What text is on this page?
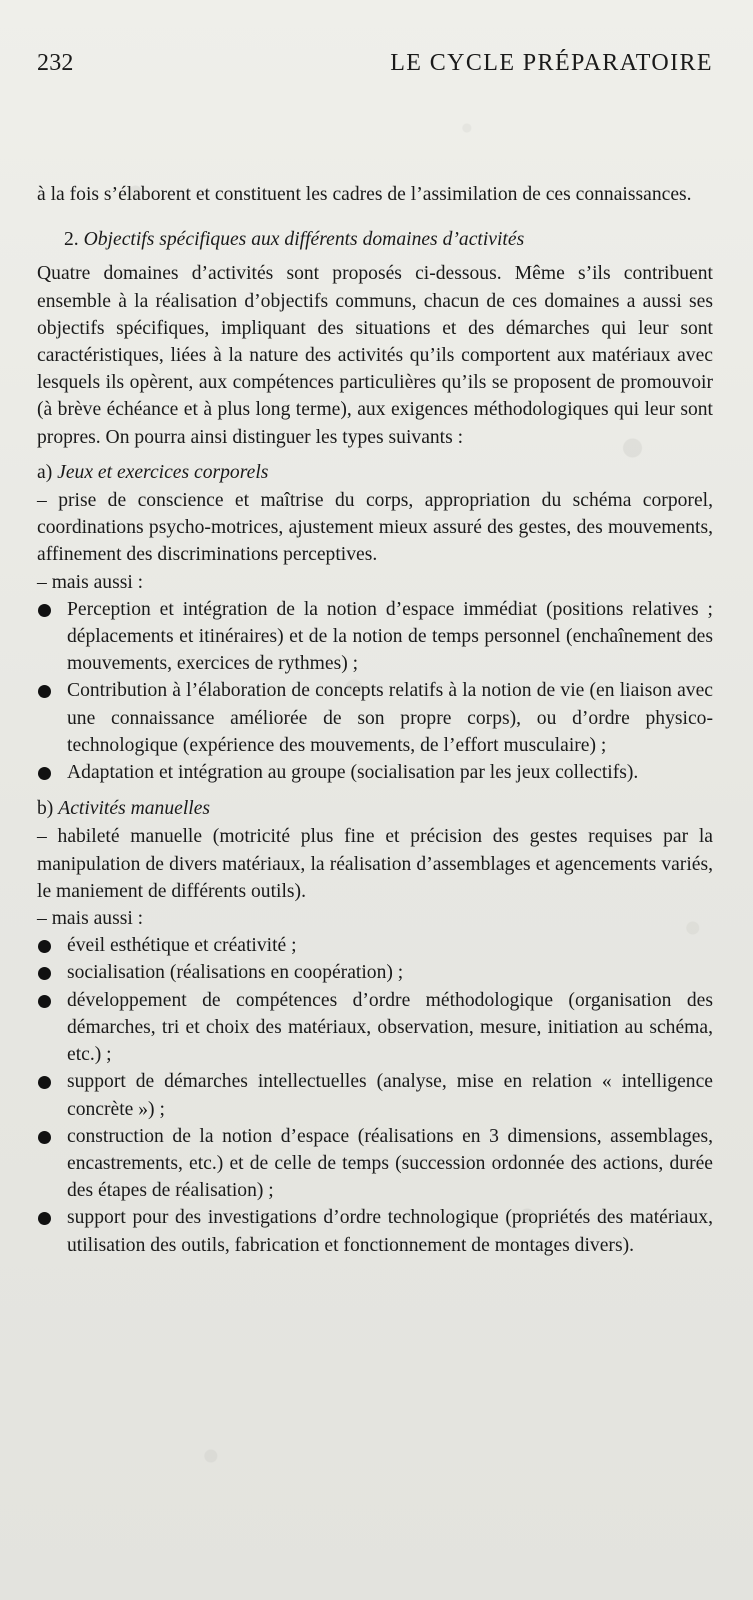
232	LE CYCLE PRÉPARATOIRE

à la fois s’élaborent et constituent les cadres de l’assimilation de ces connaissances.

2. Objectifs spécifiques aux différents domaines d’activités

Quatre domaines d’activités sont proposés ci-dessous. Même s’ils contribuent ensemble à la réalisation d’objectifs communs, chacun de ces domaines a aussi ses objectifs spécifiques, impliquant des situations et des démarches qui leur sont caractéristiques, liées à la nature des activités qu’ils comportent aux matériaux avec lesquels ils opèrent, aux compétences particulières qu’ils se proposent de promouvoir (à brève échéance et à plus long terme), aux exigences méthodologiques qui leur sont propres. On pourra ainsi distinguer les types suivants :

a) Jeux et exercices corporels

– prise de conscience et maîtrise du corps, appropriation du schéma corporel, coordinations psycho-motrices, ajustement mieux assuré des gestes, des mouvements, affinement des discriminations perceptives.

– mais aussi :

Perception et intégration de la notion d’espace immédiat (positions relatives ; déplacements et itinéraires) et de la notion de temps personnel (enchaînement des mouvements, exercices de rythmes) ;
Contribution à l’élaboration de concepts relatifs à la notion de vie (en liaison avec une connaissance améliorée de son propre corps), ou d’ordre physico-technologique (expérience des mouvements, de l’effort musculaire) ;
Adaptation et intégration au groupe (socialisation par les jeux collectifs).

b) Activités manuelles

– habileté manuelle (motricité plus fine et précision des gestes requises par la manipulation de divers matériaux, la réalisation d’assemblages et agencements variés, le maniement de différents outils).

– mais aussi :

éveil esthétique et créativité ;
socialisation (réalisations en coopération) ;
développement de compétences d’ordre méthodologique (organisation des démarches, tri et choix des matériaux, observation, mesure, initiation au schéma, etc.) ;
support de démarches intellectuelles (analyse, mise en relation « intelligence concrète ») ;
construction de la notion d’espace (réalisations en 3 dimensions, assemblages, encastrements, etc.) et de celle de temps (succession ordonnée des actions, durée des étapes de réalisation) ;
support pour des investigations d’ordre technologique (propriétés des matériaux, utilisation des outils, fabrication et fonctionnement de montages divers).
